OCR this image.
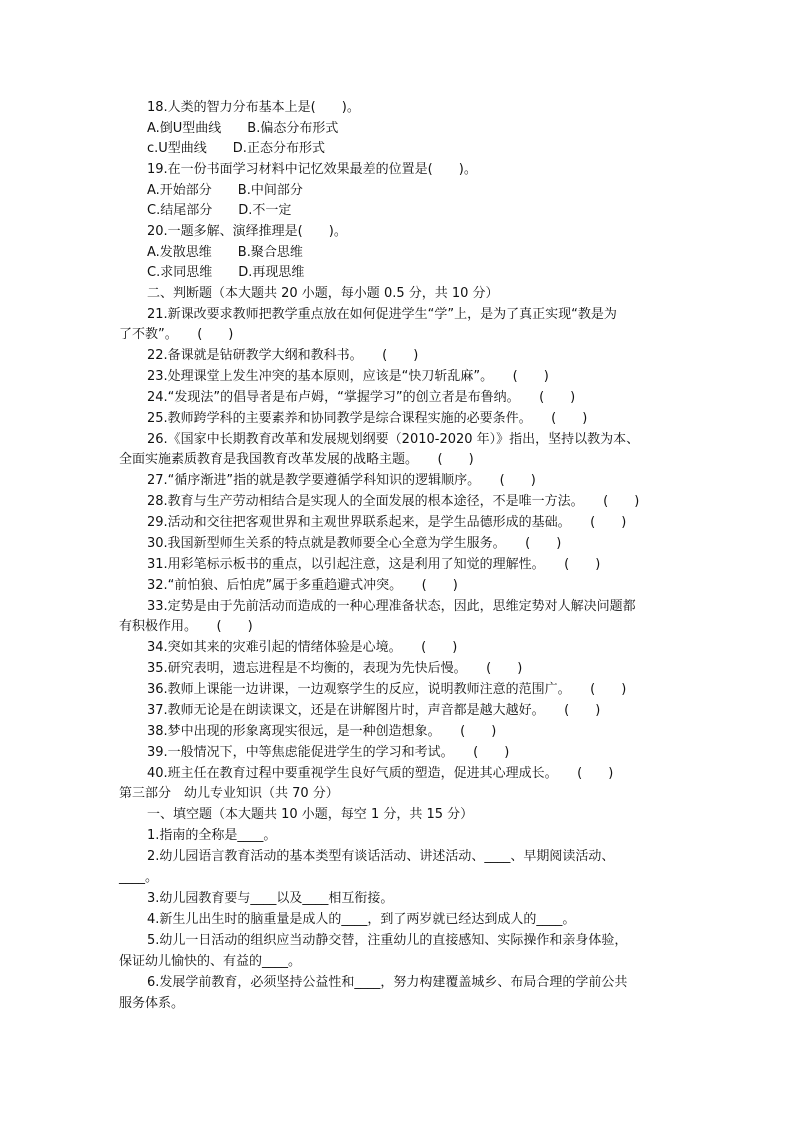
18.人类的智力分布基本上是(　　)。
A.倒U型曲线　　B.偏态分布形式
c.U型曲线　　D.正态分布形式
19.在一份书面学习材料中记忆效果最差的位置是(　　)。
A.开始部分　　B.中间部分
C.结尾部分　　D.不一定
20.一题多解、演绎推理是(　　)。
A.发散思维　　B.聚合思维
C.求同思维　　D.再现思维
二、判断题（本大题共 20 小题，每小题 0.5 分，共 10 分）
21.新课改要求教师把教学重点放在如何促进学生“学”上，是为了真正实现“教是为
了不教”。　　(　　)
22.备课就是钻研教学大纲和教科书。　　(　　)
23.处理课堂上发生冲突的基本原则，应该是“快刀斩乱麻”。　　(　　)
24.“发现法”的倡导者是布卢姆，“掌握学习”的创立者是布鲁纳。　　(　　)
25.教师跨学科的主要素养和协同教学是综合课程实施的必要条件。　　(　　)
26.《国家中长期教育改革和发展规划纲要（2010-2020 年）》指出，坚持以教为本、
全面实施素质教育是我国教育改革发展的战略主题。　　(　　)
27.“循序渐进”指的就是教学要遵循学科知识的逻辑顺序。　　(　　)
28.教育与生产劳动相结合是实现人的全面发展的根本途径，不是唯一方法。　　(　　)
29.活动和交往把客观世界和主观世界联系起来，是学生品德形成的基础。　　(　　)
30.我国新型师生关系的特点就是教师要全心全意为学生服务。　　(　　)
31.用彩笔标示板书的重点，以引起注意，这是利用了知觉的理解性。　　(　　)
32.“前怕狼、后怕虎”属于多重趋避式冲突。　　(　　)
33.定势是由于先前活动而造成的一种心理准备状态，因此，思维定势对人解决问题都
有积极作用。　　(　　)
34.突如其来的灾难引起的情绪体验是心境。　　(　　)
35.研究表明，遗忘进程是不均衡的，表现为先快后慢。　　(　　)
36.教师上课能一边讲课，一边观察学生的反应，说明教师注意的范围广。　　(　　)
37.教师无论是在朗读课文，还是在讲解图片时，声音都是越大越好。　　(　　)
38.梦中出现的形象离现实很远，是一种创造想象。　　(　　)
39.一般情况下，中等焦虑能促进学生的学习和考试。　　(　　)
40.班主任在教育过程中要重视学生良好气质的塑造，促进其心理成长。　　(　　)
第三部分　幼儿专业知识（共 70 分）
一、填空题（本大题共 10 小题，每空 1 分，共 15 分）
1.指南的全称是____。
2.幼儿园语言教育活动的基本类型有谈话活动、讲述活动、____、早期阅读活动、
____。
3.幼儿园教育要与____以及____相互衔接。
4.新生儿出生时的脑重量是成人的____，到了两岁就已经达到成人的____。
5.幼儿一日活动的组织应当动静交替，注重幼儿的直接感知、实际操作和亲身体验，
保证幼儿愉快的、有益的____。
6.发展学前教育，必须坚持公益性和____，努力构建覆盖城乡、布局合理的学前公共
服务体系。
